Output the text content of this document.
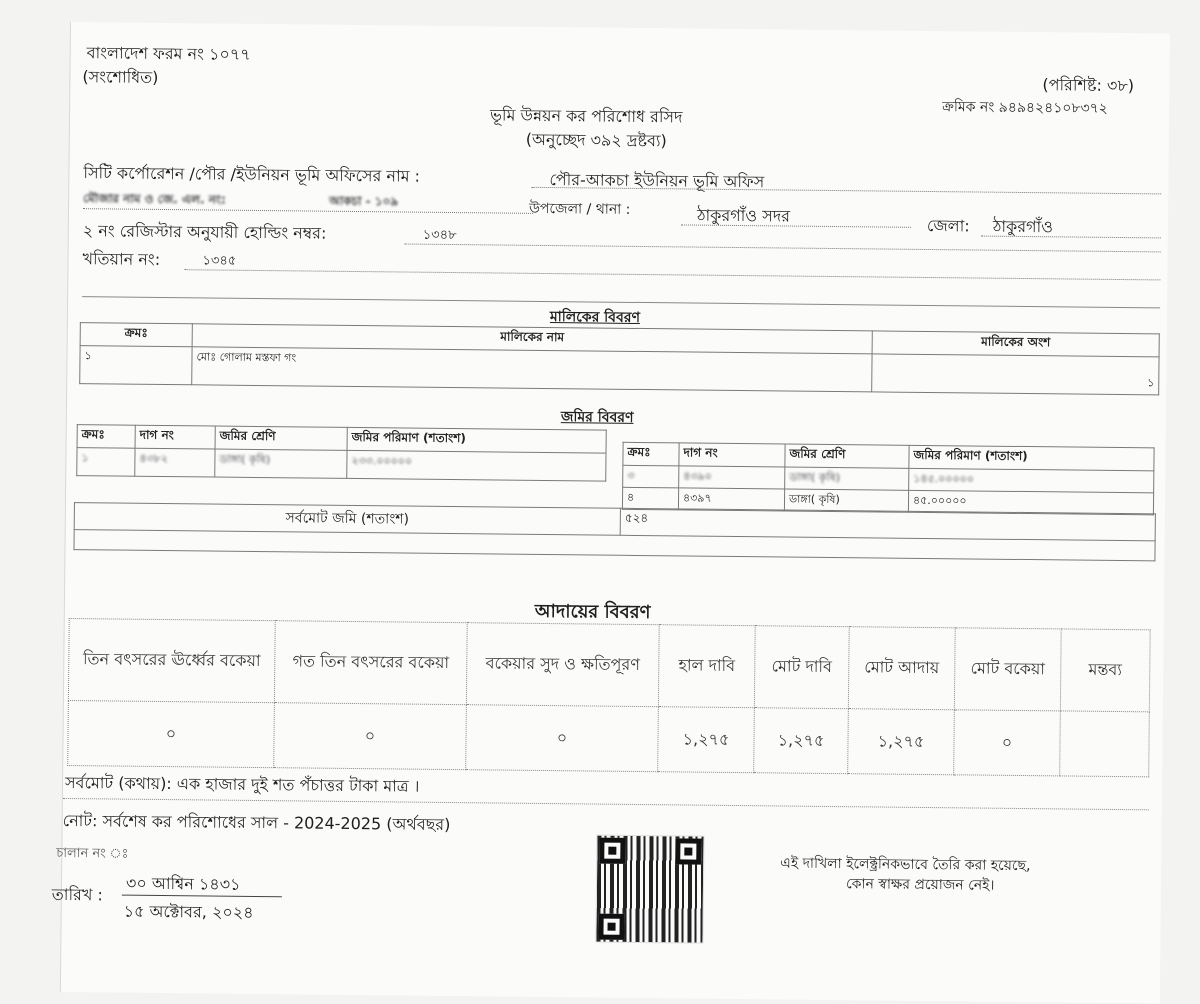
বাংলাদেশ ফরম নং ১০৭৭
(সংশোধিত)	(পরিশিষ্ট: ৩৮)
ক্রমিক নং ৯৪৯৪২৪১০৮৩৭২
ভূমি উন্নয়ন কর পরিশোধ রসিদ
(অনুচ্ছেদ ৩৯২ দ্রষ্টব্য)
সিটি কর্পোরেশন /পৌর /ইউনিয়ন ভূমি অফিসের নাম :	পৌর-আকচা ইউনিয়ন ভূমি অফিস
মৌজার নাম ও জে. এল. নং:	আকচা - ১০৯	উপজেলা / থানা :	ঠাকুরগাঁও সদর
জেলা: ঠাকুরগাঁও
২ নং রেজিস্টার অনুযায়ী হোল্ডিং নম্বর:	১৩৪৮
খতিয়ান নং:	১৩৪৫
মালিকের বিবরণ
ক্রমঃ	মালিকের নাম	মালিকের অংশ
১	মোঃ গোলাম মস্তফা গং	১
জমির বিবরণ
ক্রমঃ	দাগ নং	জমির শ্রেণি	জমির পরিমাণ (শতাংশ)
১	৪৩৮২	ডাঙ্গা( কৃষি)	২৩৩.০০০০০
ক্রমঃ	দাগ নং	জমির শ্রেণি	জমির পরিমাণ (শতাংশ)
৩	৪৩৯০	ডাঙ্গা( কৃষি)	১৪৫.০০০০০
৪	৪৩৯৭	ডাঙ্গা( কৃষি)	৪৫.০০০০০
সর্বমোট জমি (শতাংশ)	৫২৪

আদায়ের বিবরণ
তিন বৎসরের ঊর্ধ্বের বকেয়া	গত তিন বৎসরের বকেয়া	বকেয়ার সুদ ও ক্ষতিপূরণ	হাল দাবি	মোট দাবি	মোট আদায়	মোট বকেয়া	মন্তব্য
০	০	০	১,২৭৫	১,২৭৫	১,২৭৫	০	
সর্বমোট (কথায়): এক হাজার দুই শত পঁচাত্তর টাকা মাত্র ।
নোট: সর্বশেষ কর পরিশোধের সাল - 2024-2025 (অর্থবছর)
চালান নং ঃ
তারিখ :
৩০ আশ্বিন ১৪৩১
১৫ অক্টোবর, ২০২৪
এই দাখিলা ইলেক্ট্রনিকভাবে তৈরি করা হয়েছে,
কোন স্বাক্ষর প্রয়োজন নেই।
